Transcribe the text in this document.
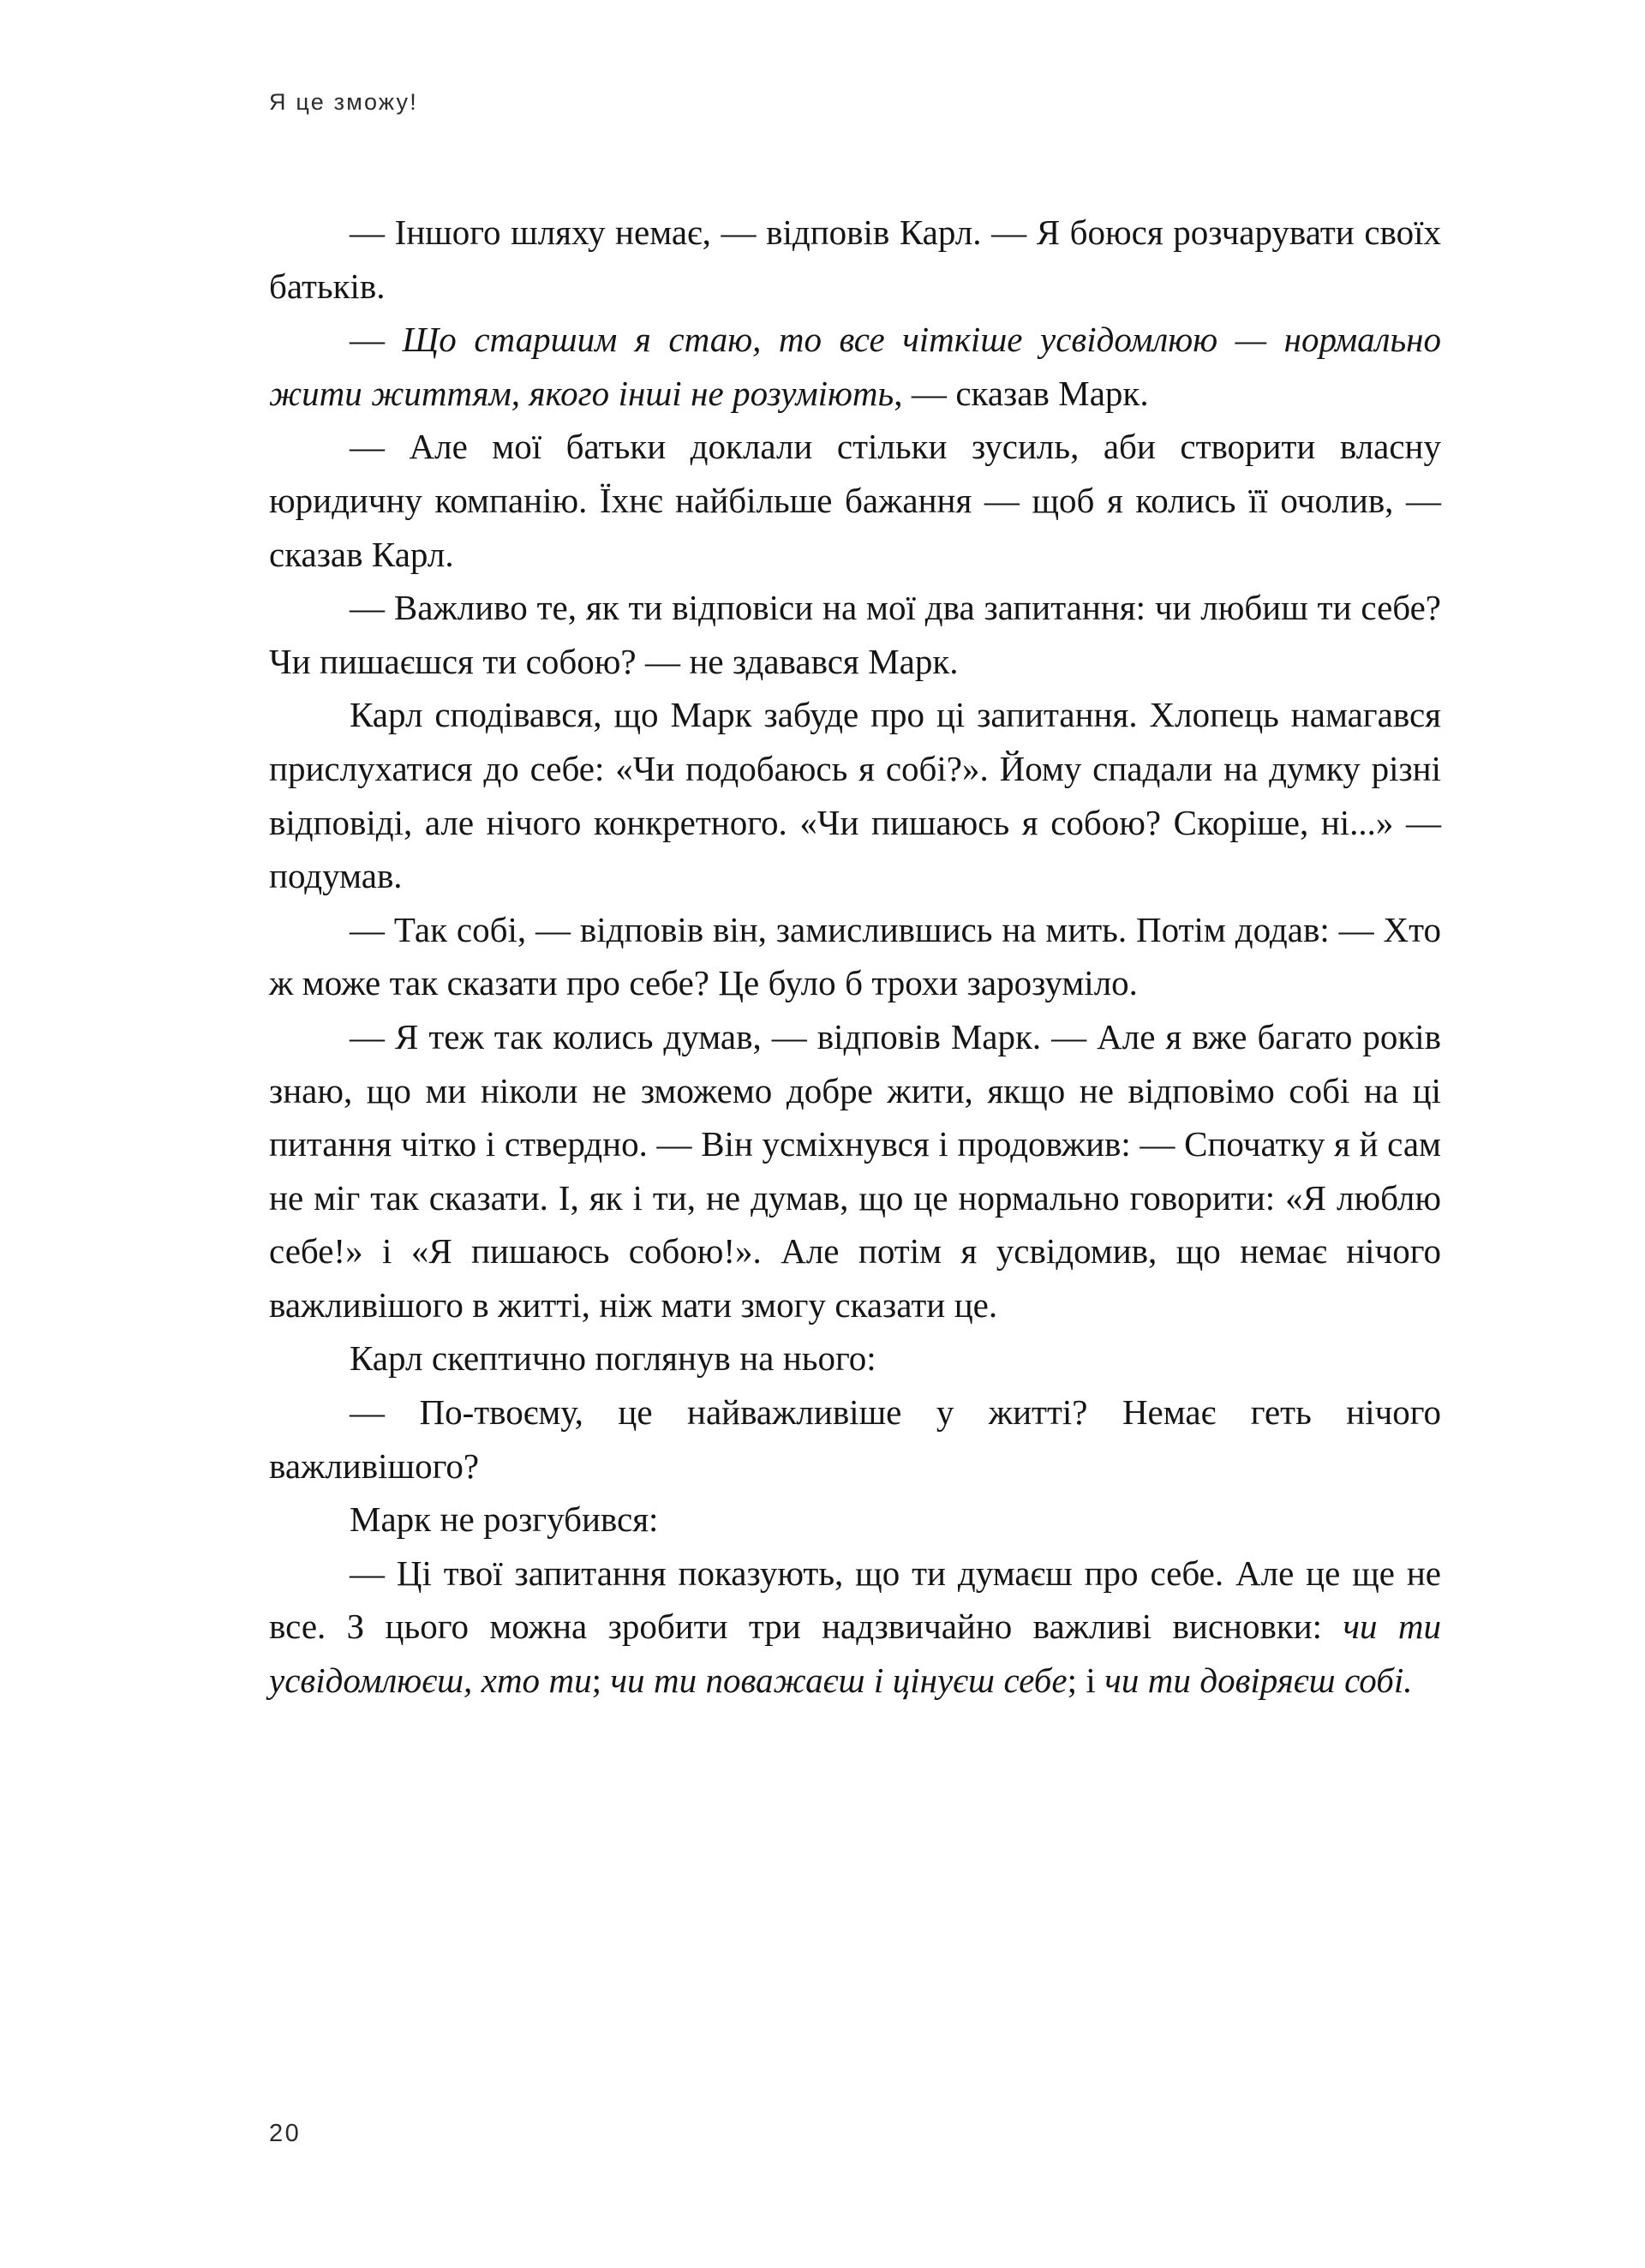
Я це зможу!

— Іншого шляху немає, — відповів Карл. — Я боюся розчарувати своїх батьків.

— Що старшим я стаю, то все чіткіше усвідомлюю — нормально жити життям, якого інші не розуміють, — сказав Марк.

— Але мої батьки доклали стільки зусиль, аби створити власну юридичну компанію. Їхнє найбільше бажання — щоб я колись її очолив, — сказав Карл.

— Важливо те, як ти відповіси на мої два запитання: чи любиш ти себе? Чи пишаєшся ти собою? — не здавався Марк.

Карл сподівався, що Марк забуде про ці запитання. Хлопець намагався прислухатися до себе: «Чи подобаюсь я собі?». Йому спадали на думку різні відповіді, але нічого конкретного. «Чи пишаюсь я собою? Скоріше, ні...» — подумав.

— Так собі, — відповів він, замислившись на мить. Потім додав: — Хто ж може так сказати про себе? Це було б трохи зарозуміло.

— Я теж так колись думав, — відповів Марк. — Але я вже багато років знаю, що ми ніколи не зможемо добре жити, якщо не відповімо собі на ці питання чітко і ствердно. — Він усміхнувся і продовжив: — Спочатку я й сам не міг так сказати. І, як і ти, не думав, що це нормально говорити: «Я люблю себе!» і «Я пишаюсь собою!». Але потім я усвідомив, що немає нічого важливішого в житті, ніж мати змогу сказати це.

Карл скептично поглянув на нього:

— По-твоєму, це найважливіше у житті? Немає геть нічого важливішого?

Марк не розгубився:

— Ці твої запитання показують, що ти думаєш про себе. Але це ще не все. З цього можна зробити три надзвичайно важливі висновки: чи ти усвідомлюєш, хто ти; чи ти поважаєш і цінуєш себе; і чи ти довіряєш собі.

20
